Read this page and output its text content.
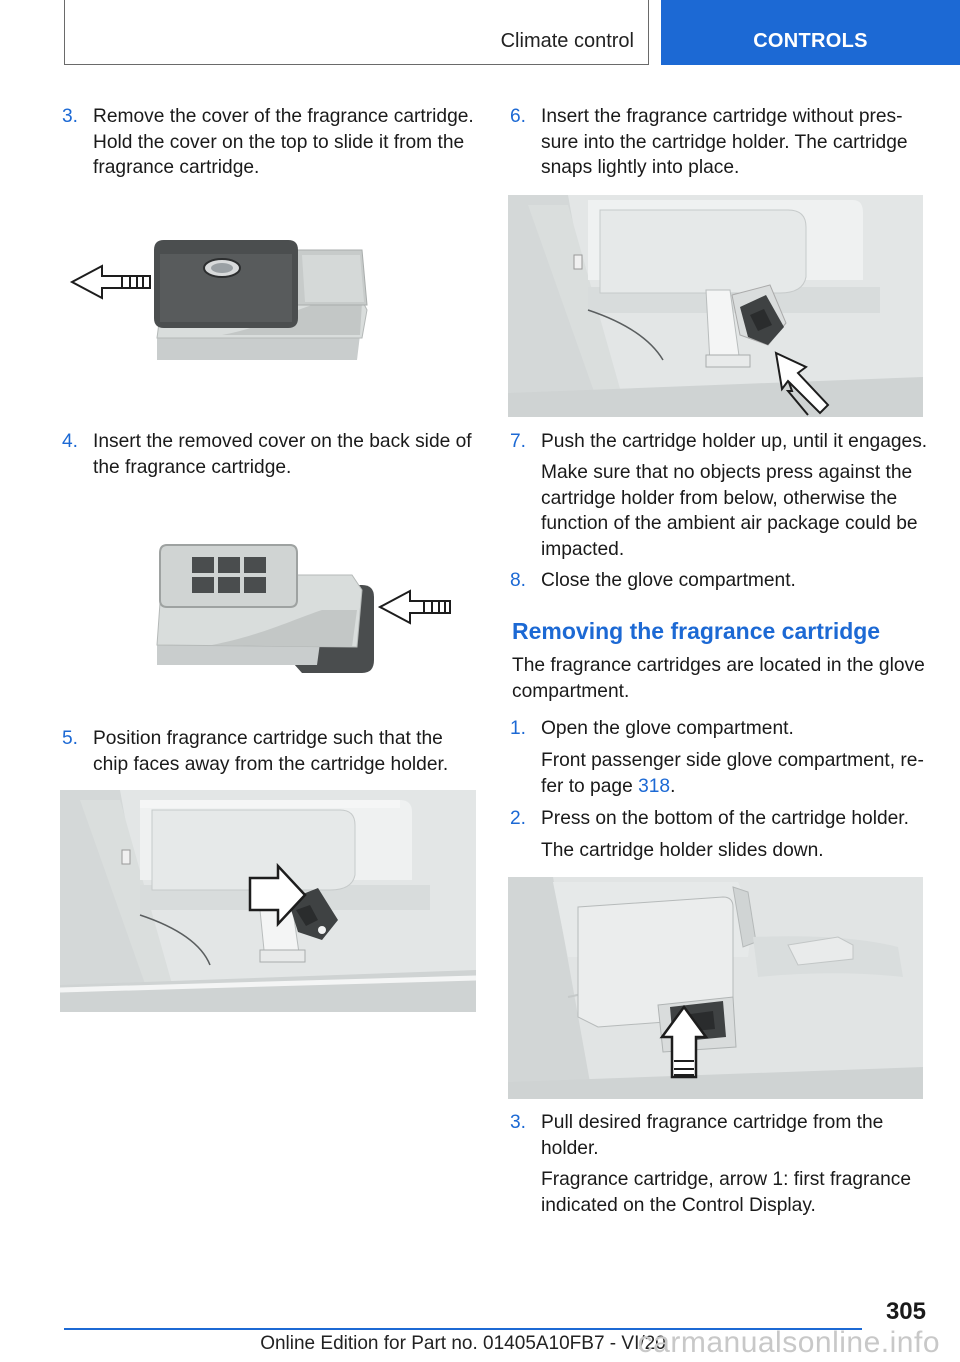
Climate control	CONTROLS
3. Remove the cover of the fragrance cartridge.
Hold the cover on the top to slide it from the
fragrance cartridge.
4. Insert the removed cover on the back side of
the fragrance cartridge.
5. Position fragrance cartridge such that the
chip faces away from the cartridge holder.
6. Insert the fragrance cartridge without pres‐
sure into the cartridge holder. The cartridge
snaps lightly into place.
7. Push the cartridge holder up, until it engages.
Make sure that no objects press against the
cartridge holder from below, otherwise the
function of the ambient air package could be
impacted.
8. Close the glove compartment.
Removing the fragrance cartridge
The fragrance cartridges are located in the glove
compartment.
1. Open the glove compartment.
Front passenger side glove compartment, re‐
fer to page 318.
2. Press on the bottom of the cartridge holder.
The cartridge holder slides down.
3. Pull desired fragrance cartridge from the
holder.
Fragrance cartridge, arrow 1: first fragrance
indicated on the Control Display.
305
Online Edition for Part no. 01405A10FB7 - VI/20
carmanualsonline.info
